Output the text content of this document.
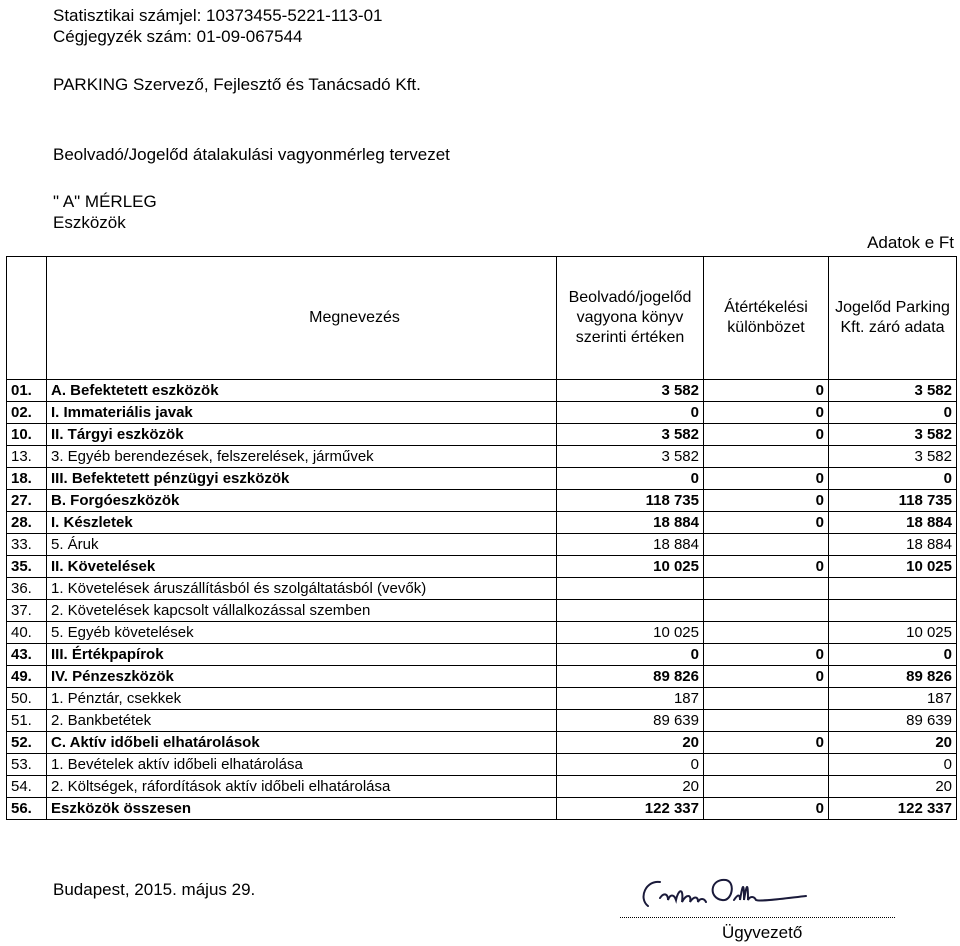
Statisztikai számjel: 10373455-5221-113-01
Cégjegyzék szám: 01-09-067544
PARKING Szervező, Fejlesztő és Tanácsadó Kft.
Beolvadó/Jogelőd átalakulási vagyonmérleg tervezet
" A" MÉRLEG
Eszközök
Adatok e Ft
	Megnevezés	Beolvadó/jogelőd vagyona könyv szerinti értéken	Átértékelési különbözet	Jogelőd Parking Kft. záró adata
01.	A. Befektetett eszközök	3 582	0	3 582
02.	I. Immateriális javak	0	0	0
10.	II. Tárgyi eszközök	3 582	0	3 582
13.	3. Egyéb berendezések, felszerelések, járművek	3 582		3 582
18.	III. Befektetett pénzügyi eszközök	0	0	0
27.	B. Forgóeszközök	118 735	0	118 735
28.	I. Készletek	18 884	0	18 884
33.	5. Áruk	18 884		18 884
35.	II. Követelések	10 025	0	10 025
36.	1. Követelések áruszállításból és szolgáltatásból (vevők)			
37.	2. Követelések kapcsolt vállalkozással szemben			
40.	5. Egyéb követelések	10 025		10 025
43.	III. Értékpapírok	0	0	0
49.	IV. Pénzeszközök	89 826	0	89 826
50.	1. Pénztár, csekkek	187		187
51.	2. Bankbetétek	89 639		89 639
52.	C. Aktív időbeli elhatárolások	20	0	20
53.	1. Bevételek aktív időbeli elhatárolása	0		0
54.	2. Költségek, ráfordítások aktív időbeli elhatárolása	20		20
56.	Eszközök összesen	122 337	0	122 337
Budapest, 2015. május 29.
Ügyvezető
